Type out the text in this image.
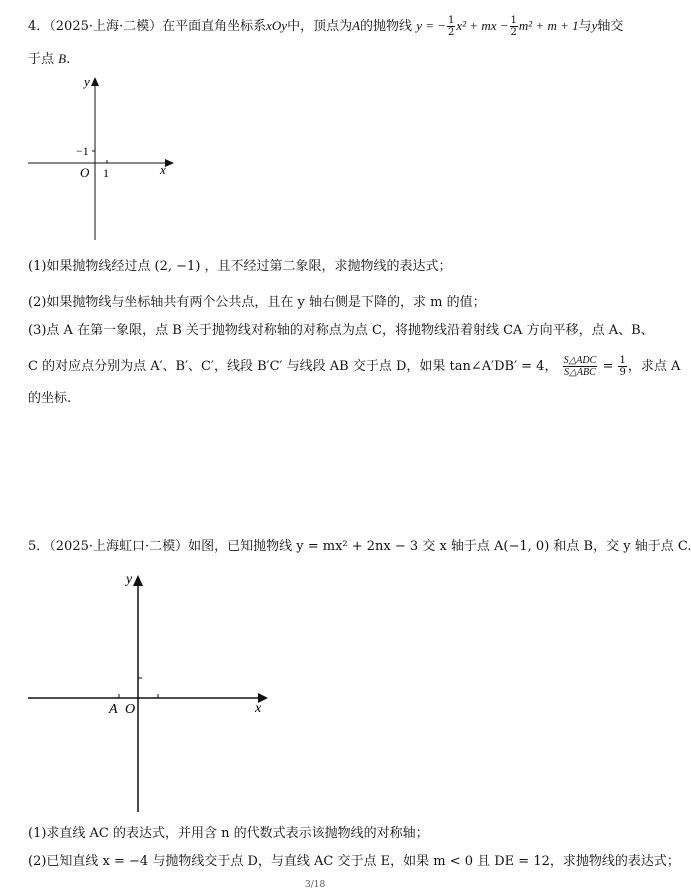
4．（2025·上海·二模）在平面直角坐标系xOy中，顶点为A的抛物线 y = − $\frac{1}{2} x^2$ + mx − $\frac{1}{2} m^2 + m + 1$与y轴交
于点 B.
y
x
O 1
−1
(1)如果抛物线经过点 (2, −1) ，且不经过第二象限，求抛物线的表达式；
(2)如果抛物线与坐标轴共有两个公共点，且在 y 轴右侧是下降的，求 m 的值；
(3)点 A 在第一象限，点 B 关于抛物线对称轴的对称点为点 C，将抛物线沿着射线 CA 方向平移，点 A、B、
C 的对应点分别为点 A′、B′、C′，线段 B′C′ 与线段 AB 交于点 D，如果 tan∠A′DB′ = 4， $\frac{\text{S△ADC}}{\text{S△ABC}} = \frac{1}{9}$ ，求点 A
的坐标.
5．（2025·上海虹口·二模）如图，已知抛物线 y = mx² + 2nx − 3 交 x 轴于点 A(−1, 0) 和点 B，交 y 轴于点 C.
y
x
A O
(1)求直线 AC 的表达式，并用含 n 的代数式表示该抛物线的对称轴；
(2)已知直线 x = −4 与抛物线交于点 D，与直线 AC 交于点 E，如果 m < 0 且 DE = 12，求抛物线的表达式；
3/18
